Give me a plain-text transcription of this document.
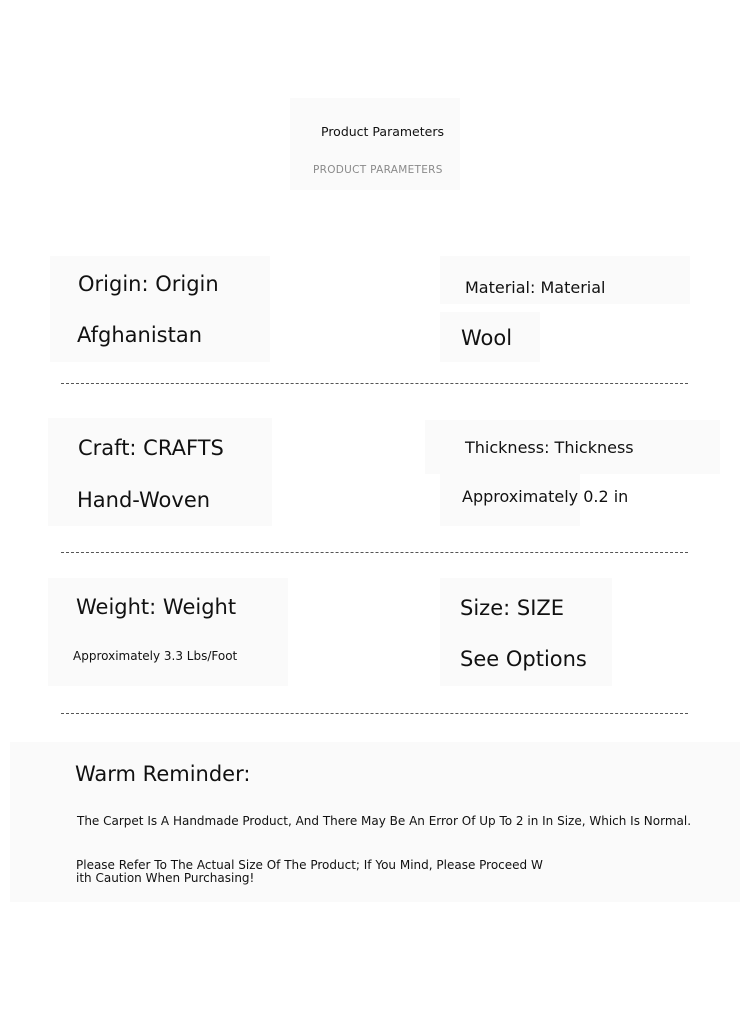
Product Parameters
PRODUCT PARAMETERS
Origin: Origin
Afghanistan
Material: Material
Wool
Craft: CRAFTS
Hand-Woven
Thickness: Thickness
Approximately 0.2 in
Weight: Weight
Approximately 3.3 Lbs/Foot
Size: SIZE
See Options
Warm Reminder:
The Carpet Is A Handmade Product, And There May Be An Error Of Up To 2 in In Size, Which Is Normal.
Please Refer To The Actual Size Of The Product; If You Mind, Please Proceed W
ith Caution When Purchasing!
